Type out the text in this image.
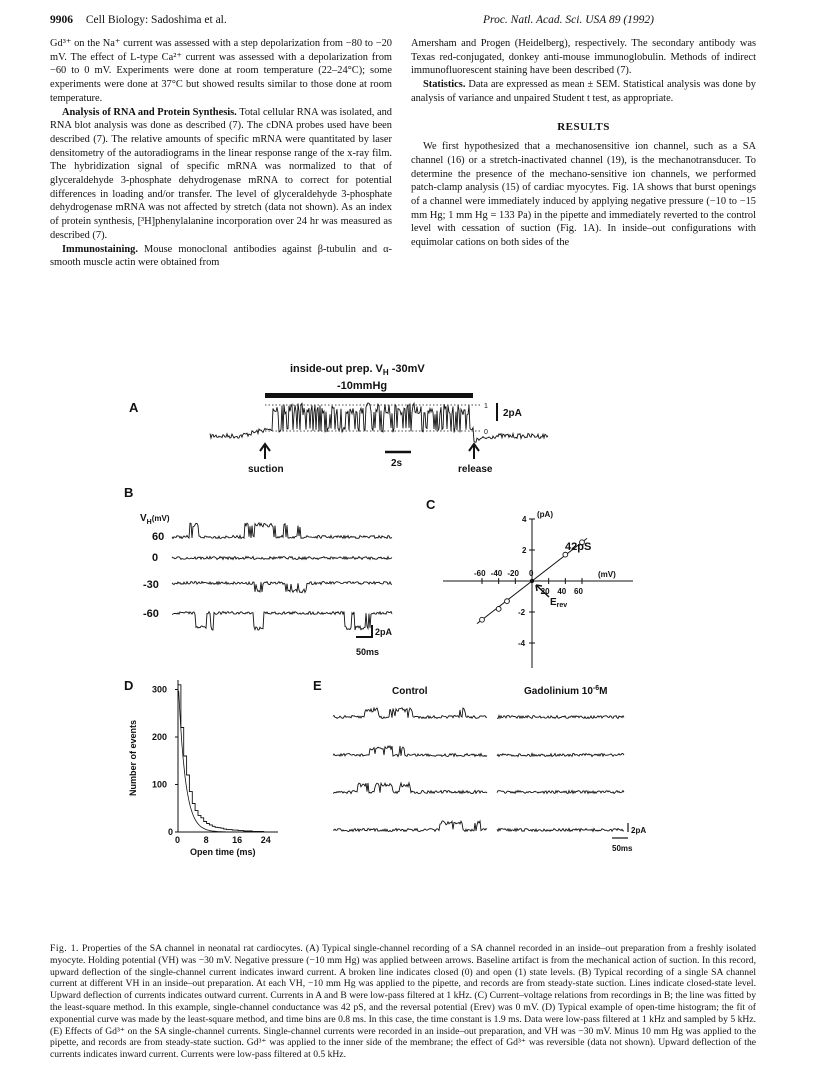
9906 Cell Biology: Sadoshima et al.	Proc. Natl. Acad. Sci. USA 89 (1992)

Gd³⁺ on the Na⁺ current was assessed with a step depolarization from −80 to −20 mV. The effect of L-type Ca²⁺ current was assessed with a depolarization from −60 to 0 mV. Experiments were done at room temperature (22–24°C); some experiments were done at 37°C but showed results similar to those done at room temperature.

Analysis of RNA and Protein Synthesis. Total cellular RNA was isolated, and RNA blot analysis was done as described (7). The cDNA probes used have been described (7). The relative amounts of specific mRNA were quantitated by laser densitometry of the autoradiograms in the linear response range of the x-ray film. The hybridization signal of specific mRNA was normalized to that of glyceraldehyde 3-phosphate dehydrogenase mRNA to correct for potential differences in loading and/or transfer. The level of glyceraldehyde 3-phosphate dehydrogenase mRNA was not affected by stretch (data not shown). As an index of protein synthesis, [³H]phenylalanine incorporation over 24 hr was measured as described (7).

Immunostaining. Mouse monoclonal antibodies against β-tubulin and α-smooth muscle actin were obtained from

Amersham and Progen (Heidelberg), respectively. The secondary antibody was Texas red-conjugated, donkey anti-mouse immunoglobulin. Methods of indirect immunofluorescent staining have been described (7).

Statistics. Data are expressed as mean ± SEM. Statistical analysis was done by analysis of variance and unpaired Student t test, as appropriate.

RESULTS

We first hypothesized that a mechanosensitive ion channel, such as a SA channel (16) or a stretch-inactivated channel (19), is the mechanotransducer. To determine the presence of the mechano-sensitive ion channels, we performed patch-clamp analysis (15) of cardiac myocytes. Fig. 1A shows that burst openings of a channel were immediately induced by applying negative pressure (−10 to −15 mm Hg; 1 mm Hg = 133 Pa) in the pipette and immediately reverted to the control level with cessation of suction (Fig. 1A). In inside–out configurations with equimolar cations on both sides of the

A
inside-out prep. $V_H$ -30mV
-10mmHg
1
0
2pA
2s
suction	release
B
$V_H^{(mV)}$
60
0
-30
-60
2pA
50ms
C
-60 -40 -20 0
20 40 60
4
2
-2
-4
(pA)
(mV)
42pS
$E_{rev}$
D 300
200
100
0
0	8	16 24
Number of events
Open time (ms)
E	Control	Gadolinium $10^{-6}M$
2pA
50ms
Fig. 1. Properties of the SA channel in neonatal rat cardiocytes. (A) Typical single-channel recording of a SA channel recorded in an inside–out preparation from a freshly isolated myocyte. Holding potential (VH) was −30 mV. Negative pressure (−10 mm Hg) was applied between arrows. Baseline artifact is from the mechanical action of suction. In this record, upward deflection of the single-channel current indicates inward current. A broken line indicates closed (0) and open (1) state levels. (B) Typical recording of a single SA channel current at different VH in an inside–out preparation. At each VH, −10 mm Hg was applied to the pipette, and records are from steady-state suction. Lines indicate closed-state level. Upward deflection of currents indicates outward current. Currents in A and B were low-pass filtered at 1 kHz. (C) Current–voltage relations from recordings in B; the line was fitted by the least-square method. In this example, single-channel conductance was 42 pS, and the reversal potential (Erev) was 0 mV. (D) Typical example of open-time histogram; the fit of exponential curve was made by the least-square method, and time bins are 0.8 ms. In this case, the time constant is 1.9 ms. Data were low-pass filtered at 1 kHz and sampled by 5 kHz. (E) Effects of Gd³⁺ on the SA single-channel currents. Single-channel currents were recorded in an inside–out preparation, and VH was −30 mV. Minus 10 mm Hg was applied to the pipette, and records are from steady-state suction. Gd³⁺ was applied to the inner side of the membrane; the effect of Gd³⁺ was reversible (data not shown). Upward deflection of the currents indicates inward current. Currents were low-pass filtered at 0.5 kHz.
